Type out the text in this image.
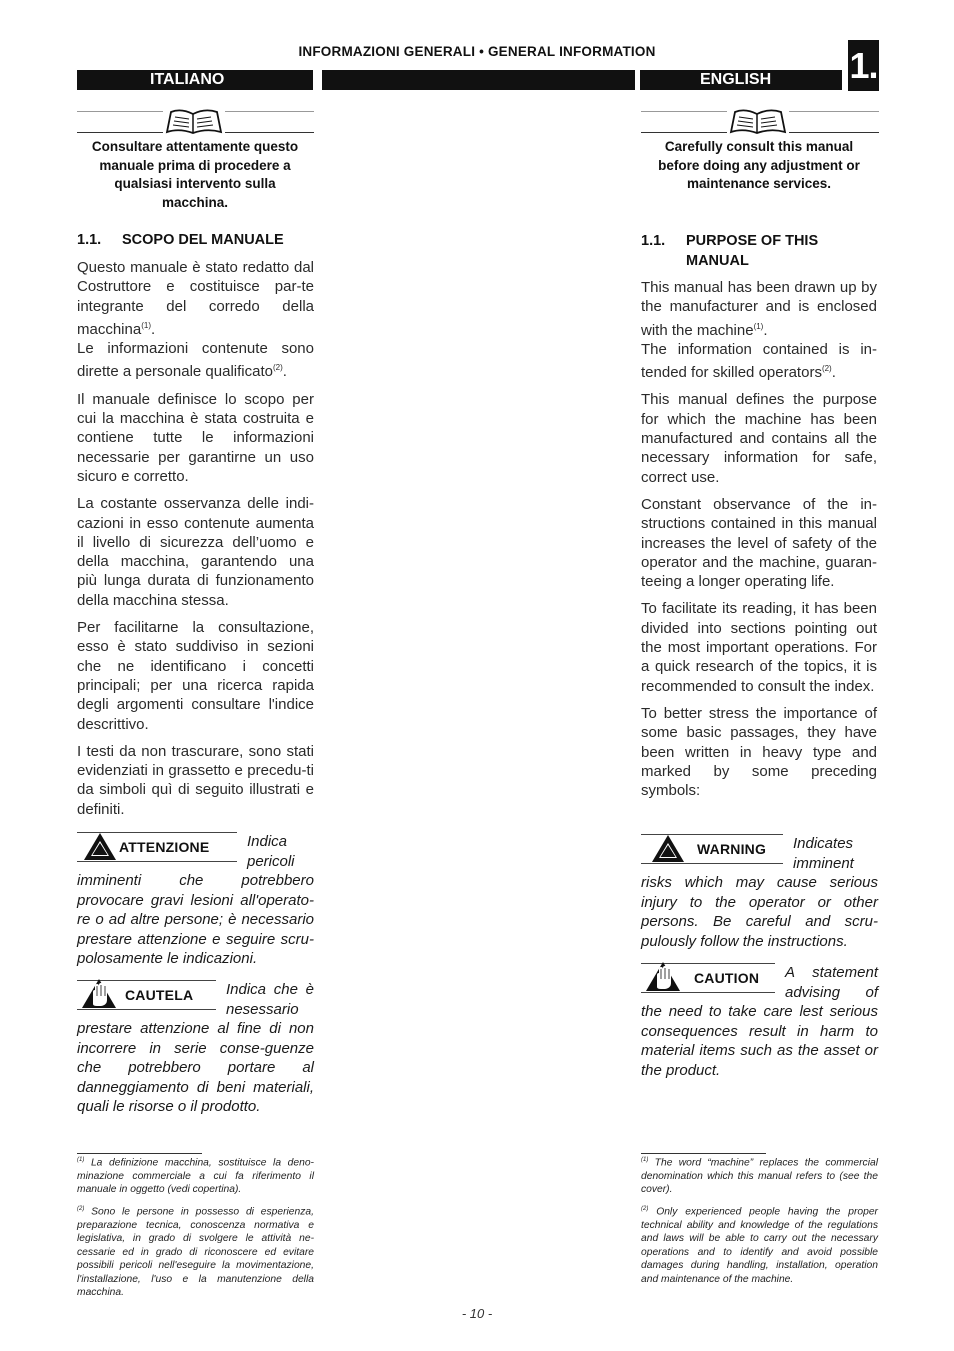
INFORMAZIONI GENERALI • GENERAL INFORMATION	1.
ITALIANO	ENGLISH
Consultare attentamente questo manuale prima di procedere a qualsiasi intervento sulla macchina.
1.1. SCOPO DEL MANUALE

Questo manuale è stato redatto dal Costruttore e costituisce par-te integrante del corredo della macchina$^{(1)}$.

Le informazioni contenute sono dirette a personale qualificato$^{(2)}$.

Il manuale definisce lo scopo per cui la macchina è stata costruita e contiene tutte le informazioni necessarie per garantirne un uso sicuro e corretto.

La costante osservanza delle indi-cazioni in esso contenute aumenta il livello di sicurezza dell’uomo e della macchina, garantendo una più lunga durata di funzionamento della macchina stessa.

Per facilitarne la consultazione, esso è stato suddiviso in sezioni che ne identificano i concetti principali; per una ricerca rapida degli argomenti consultare l'indice descrittivo.

I testi da non trascurare, sono stati evidenziati in grassetto e precedu-ti da simboli quì di seguito illustrati e definiti.

ATTENZIONE	Indica pericoli imminenti che potrebbero provocare gravi lesioni all'operato-re o ad altre persone; è necessario prestare attenzione e seguire scru-polosamente le indicazioni.
CAUTELA Indica che è nesessario prestare attenzione al fine di non incorrere in serie conse-guenze che potrebbero portare al danneggiamento di beni materiali, quali le risorse o il prodotto.

$^{(1)}$ La definizione macchina, sostituisce la deno-minazione commerciale a cui fa riferimento il manuale in oggetto (vedi copertina).

$^{(2)}$ Sono le persone in possesso di esperienza, preparazione tecnica, conoscenza normativa e legislativa, in grado di svolgere le attività ne-cessarie ed in grado di riconoscere ed evitare possibili pericoli nell'eseguire la movimentazione, l'installazione, l'uso e la manutenzione della macchina.

Carefully consult this manual before doing any adjustment or maintenance services.
1.1.	PURPOSE OF THIS MANUAL

This manual has been drawn up by the manufacturer and is enclosed with the machine$^{(1)}$.

The information contained is in-tended for skilled operators$^{(2)}$.

This manual defines the purpose for which the machine has been manufactured and contains all the necessary information for safe, correct use.

Constant observance of the in-structions contained in this manual increases the level of safety of the operator and the machine, guaran-teeing a longer operating life.

To facilitate its reading, it has been divided into sections pointing out the most important operations. For a quick research of the topics, it is recommended to consult the index.

To better stress the importance of some basic passages, they have been written in heavy type and marked by some preceding symbols:

WARNING Indicates imminent risks which may cause serious injury to the operator or other persons. Be careful and scru-pulously follow the instructions.
CAUTION A statement advising of the need to take care lest serious consequences result in harm to material items such as the asset or the product.

$^{(1)}$ The word “machine” replaces the commercial denomination which this manual refers to (see the cover).

$^{(2)}$ Only experienced people having the proper technical ability and knowledge of the regulations and laws will be able to carry out the necessary operations and to identify and avoid possible damages during handling, installation, operation and maintenance of the machine.

- 10 -
